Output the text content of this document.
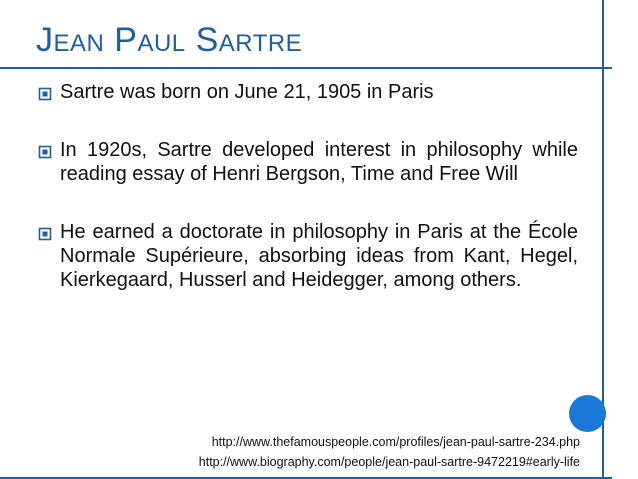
Jean Paul Sartre
Sartre was born on June 21, 1905 in Paris
In 1920s, Sartre developed interest in philosophy while reading essay of Henri Bergson, Time and Free Will
He earned a doctorate in philosophy in Paris at the École Normale Supérieure, absorbing ideas from Kant, Hegel, Kierkegaard, Husserl and Heidegger, among others.
http://www.thefamouspeople.com/profiles/jean-paul-sartre-234.php
http://www.biography.com/people/jean-paul-sartre-9472219#early-life
